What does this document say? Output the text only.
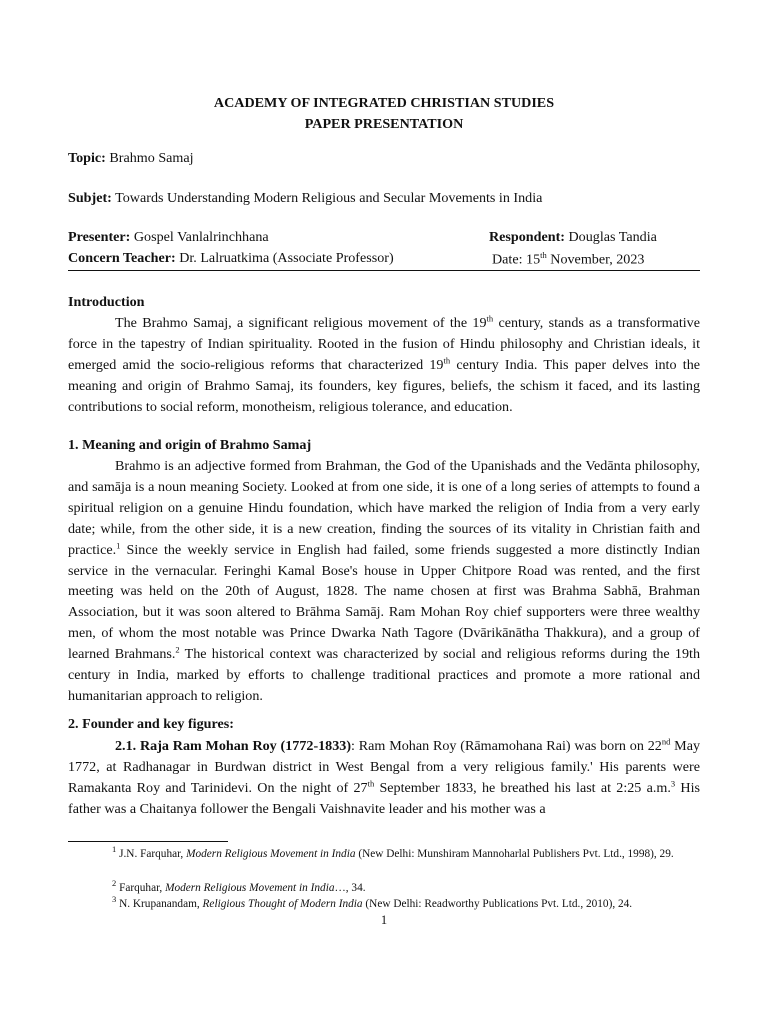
ACADEMY OF INTEGRATED CHRISTIAN STUDIES
PAPER PRESENTATION
Topic: Brahmo Samaj
Subjet: Towards Understanding Modern Religious and Secular Movements in India
Presenter: Gospel Vanlalrinchhana	Respondent: Douglas Tandia
Concern Teacher: Dr. Lalruatkima (Associate Professor)	Date: 15th November, 2023
Introduction

The Brahmo Samaj, a significant religious movement of the 19th century, stands as a transformative force in the tapestry of Indian spirituality. Rooted in the fusion of Hindu philosophy and Christian ideals, it emerged amid the socio-religious reforms that characterized 19th century India. This paper delves into the meaning and origin of Brahmo Samaj, its founders, key figures, beliefs, the schism it faced, and its lasting contributions to social reform, monotheism, religious tolerance, and education.

1. Meaning and origin of Brahmo Samaj

Brahmo is an adjective formed from Brahman, the God of the Upanishads and the Vedānta philosophy, and samāja is a noun meaning Society. Looked at from one side, it is one of a long series of attempts to found a spiritual religion on a genuine Hindu foundation, which have marked the religion of India from a very early date; while, from the other side, it is a new creation, finding the sources of its vitality in Christian faith and practice.$^1$ Since the weekly service in English had failed, some friends suggested a more distinctly Indian service in the vernacular. Feringhi Kamal Bose's house in Upper Chitpore Road was rented, and the first meeting was held on the 20th of August, 1828. The name chosen at first was Brahma Sabhā, Brahman Association, but it was soon altered to Brāhma Samāj. Ram Mohan Roy chief supporters were three wealthy men, of whom the most notable was Prince Dwarka Nath Tagore (Dvārikānātha Thakkura), and a group of learned Brahmans.$^2$ The historical context was characterized by social and religious reforms during the 19th century in India, marked by efforts to challenge traditional practices and promote a more rational and humanitarian approach to religion.

2. Founder and key figures:

2.1. Raja Ram Mohan Roy (1772-1833): Ram Mohan Roy (Rāmamohana Rai) was born on 22nd May 1772, at Radhanagar in Burdwan district in West Bengal from a very religious family.' His parents were Ramakanta Roy and Tarinidevi. On the night of 27th September 1833, he breathed his last at 2:25 a.m.$^3$ His father was a Chaitanya follower the Bengali Vaishnavite leader and his mother was a

$^1$ J.N. Farquhar, Modern Religious Movement in India (New Delhi: Munshiram Mannoharlal Publishers Pvt. Ltd., 1998), 29.

$^2$ Farquhar, Modern Religious Movement in India…, 34.

$^3$ N. Krupanandam, Religious Thought of Modern India (New Delhi: Readworthy Publications Pvt. Ltd., 2010), 24.

1
